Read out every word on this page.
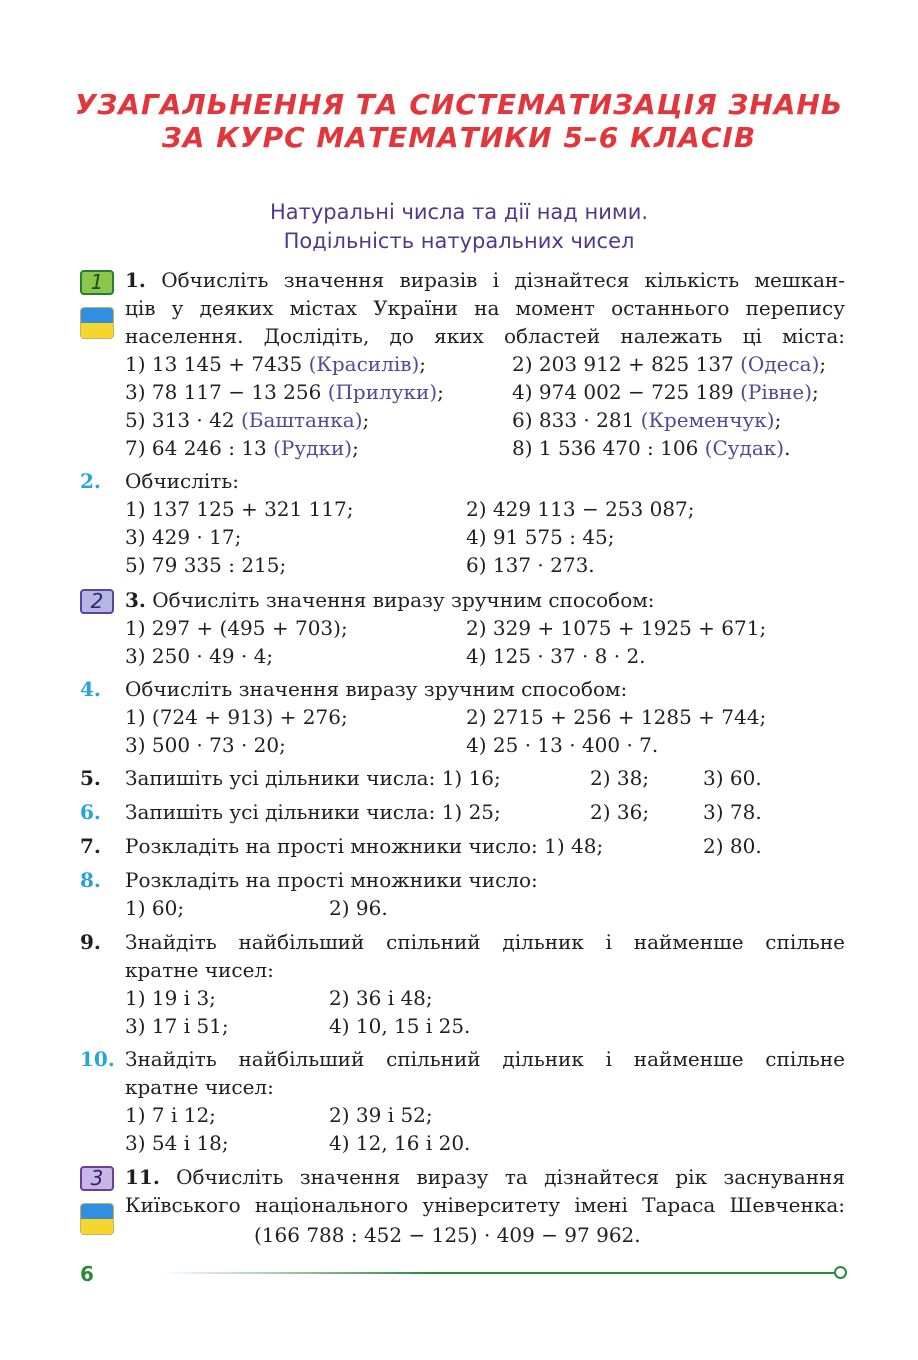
УЗАГАЛЬНЕННЯ ТА СИСТЕМАТИЗАЦІЯ ЗНАНЬ
ЗА КУРС МАТЕМАТИКИ 5–6 КЛАСІВ
Натуральні числа та дії над ними.
Подільність натуральних чисел
1	1. Обчисліть значення виразів і дізнайтеся кількість мешкан-
ців у деяких містах України на момент останнього перепису
населення. Дослідіть, до яких областей належать ці міста:
1) 13 145 + 7435 (Красилів);	2) 203 912 + 825 137 (Одеса);
3) 78 117 − 13 256 (Прилуки);	4) 974 002 − 725 189 (Рівне);
5) 313 · 42 (Баштанка);	6) 833 · 281 (Кременчук);
7) 64 246 : 13 (Рудки);	8) 1 536 470 : 106 (Судак).
2. Обчисліть:
1) 137 125 + 321 117;	2) 429 113 − 253 087;
3) 429 · 17;	4) 91 575 : 45;
5) 79 335 : 215;	6) 137 · 273.
2	3. Обчисліть значення виразу зручним способом:
1) 297 + (495 + 703);	2) 329 + 1075 + 1925 + 671;
3) 250 · 49 · 4;	4) 125 · 37 · 8 · 2.
4. Обчисліть значення виразу зручним способом:
1) (724 + 913) + 276;	2) 2715 + 256 + 1285 + 744;
3) 500 · 73 · 20;	4) 25 · 13 · 400 · 7.
5. Запишіть усі дільники числа: 1) 16;	2) 38;	3) 60.
6. Запишіть усі дільники числа: 1) 25;	2) 36;	3) 78.
7. Розкладіть на прості множники число: 1) 48;	2) 80.
8. Розкладіть на прості множники число:
1) 60;	2) 96.
9. Знайдіть найбільший спільний дільник і найменше спільне
кратне чисел:
1) 19 і 3;	2) 36 і 48;
3) 17 і 51;	4) 10, 15 і 25.
10. Знайдіть найбільший спільний дільник і найменше спільне
кратне чисел:
1) 7 і 12;	2) 39 і 52;
3) 54 і 18;	4) 12, 16 і 20.
3	11. Обчисліть значення виразу та дізнайтеся рік заснування
Київського національного університету імені Тараса Шевченка:
(166 788 : 452 − 125) · 409 − 97 962.
6
